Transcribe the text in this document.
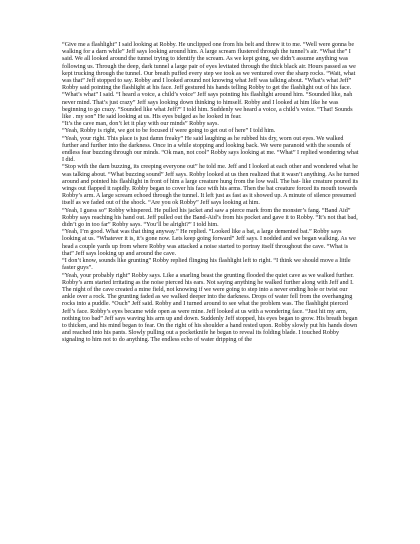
“Give me a flashlight” I said looking at Robby. He unclipped one from his belt and threw it to me. “Well were gonna be walking for a darn while” Jeff says looking around him. A large scream flustered through the tunnel’s air. “What the” I said. We all looked around the tunnel trying to identify the scream. As we kept going, we didn’t assume anything was following us. Through the deep, dark tunnel a large pair of eyes levitated through the thick black air. Hours passed as we kept trucking through the tunnel. Our breath puffed every step we took as we ventured over the sharp rocks. “Wait, what was that” Jeff stopped to say. Robby and I looked around not knowing what Jeff was talking about. “What’s what Jeff” Robby said pointing the flashlight at his face. Jeff gestured his hands telling Robby to get the flashlight out of his face. “What’s what” I said. “I heard a voice, a child’s voice” Jeff says pointing his flashlight around him. “Sounded like, nah never mind. That’s just crazy” Jeff says looking down thinking to himself. Robby and I looked at him like he was beginning to go crazy. “Sounded like what Jeff?” I told him. Suddenly we heard a voice, a child’s voice. “That! Sounds like . my son” He said looking at us. His eyes bulged as he looked in fear.

“It’s the cave man, don’t let it play with our minds” Robby says.

“Yeah, Robby is right, we got to be focused if were going to get out of here” I told him.

“Yeah, your right. This place is just damn freaky” He said laughing as he rubbed his dry, worn out eyes. We walked further and further into the darkness. Once in a while stopping and looking back. We were paranoid with the sounds of endless fear buzzing through our minds. “Ok man, not cool” Robby says looking at me. “What” I replied wondering what I did.

“Stop with the darn buzzing, its creeping everyone out” he told me. Jeff and I looked at each other and wondered what he was talking about. “What buzzing sound” Jeff says. Robby looked at us then realized that it wasn’t anything. As he turned around and pointed his flashlight in front of him a large creature hung from the low wall. The bat- like creature poured its wings out flapped it rapidly. Robby began to cover his face with his arms. Then the bat creature forced its mouth towards Robby’s arm. A large scream echoed through the tunnel. It left just as fast as it showed up. A minute of silence presumed itself as we faded out of the shock. “Are you ok Robby” Jeff says looking at him.

“Yeah, I guess so” Robby whispered. He pulled his jacket and saw a pierce mark from the monster’s fang. “Band Aid” Robby says reaching his hand out. Jeff pulled out the Band-Aid’s from his pocket and gave it to Robby. “It’s not that bad, didn’t go in too far” Robby says. “You’ll be alright?” I told him.

“Yeah, I’m good. What was that thing anyway.” He replied. “Looked like a bat, a large demented bat.” Robby says looking at us. “Whatever it is, it’s gone now. Lets keep going forward” Jeff says. I nodded and we began walking. As we head a couple yards up from where Robby was attacked a noise started to portray itself throughout the cave. “What is that” Jeff says looking up and around the cave.

“I don’t know, sounds like grunting” Robby replied flinging his flashlight left to right. “I think we should move a little faster guys”.

“Yeah, your probably right” Robby says. Like a snarling beast the grunting flooded the quiet cave as we walked further. Robby’s arm started irritating as the noise pierced his ears. Not saying anything he walked further along with Jeff and I. The night of the cave created a mine field, not knowing if we were going to step into a never ending hole or twist our ankle over a rock. The grunting faded as we walked deeper into the darkness. Drops of water fell from the overhanging rocks into a puddle. “Ouch” Jeff said. Robby and I turned around to see what the problem was. The flashlight pierced Jeff’s face. Robby’s eyes became wide open as were mine. Jeff looked at us with a wondering face. “Just hit my arm, nothing too bad” Jeff says waving his arm up and down. Suddenly Jeff stopped, his eyes began to grow. His breath began to thicken, and his mind began to fear. On the right of his shoulder a hand rested upon. Robby slowly put his hands down and reached into his pants. Slowly pulling out a pocketknife he began to reveal its folding blade. I touched Robby signaling to him not to do anything. The endless echo of water dripping of the
